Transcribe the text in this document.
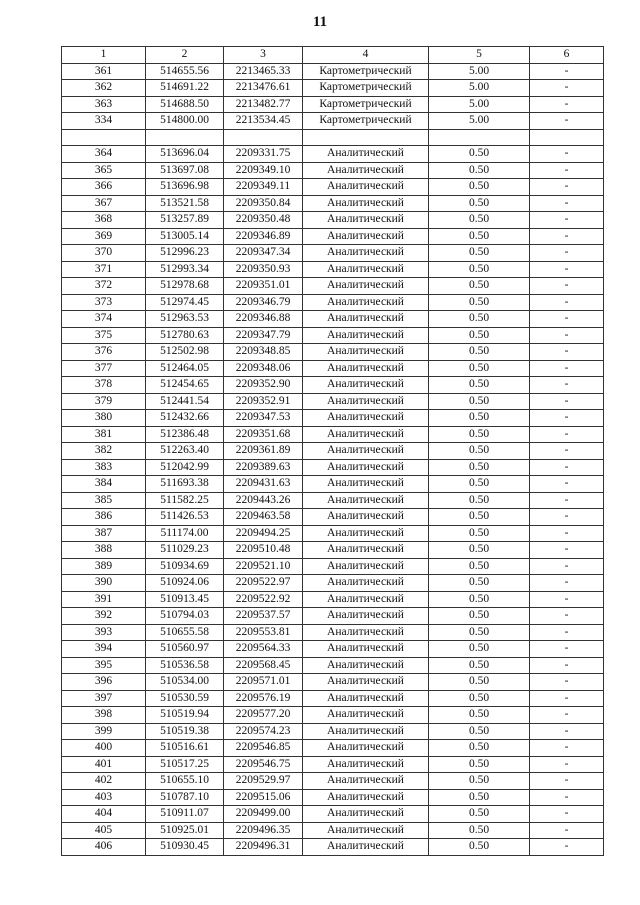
11
1	2	3	4	5	6
361	514655.56	2213465.33	Картометрический	5.00	-
362	514691.22	2213476.61	Картометрический	5.00	-
363	514688.50	2213482.77	Картометрический	5.00	-
334	514800.00	2213534.45	Картометрический	5.00	-

364	513696.04	2209331.75	Аналитический	0.50	-
365	513697.08	2209349.10	Аналитический	0.50	-
366	513696.98	2209349.11	Аналитический	0.50	-
367	513521.58	2209350.84	Аналитический	0.50	-
368	513257.89	2209350.48	Аналитический	0.50	-
369	513005.14	2209346.89	Аналитический	0.50	-
370	512996.23	2209347.34	Аналитический	0.50	-
371	512993.34	2209350.93	Аналитический	0.50	-
372	512978.68	2209351.01	Аналитический	0.50	-
373	512974.45	2209346.79	Аналитический	0.50	-
374	512963.53	2209346.88	Аналитический	0.50	-
375	512780.63	2209347.79	Аналитический	0.50	-
376	512502.98	2209348.85	Аналитический	0.50	-
377	512464.05	2209348.06	Аналитический	0.50	-
378	512454.65	2209352.90	Аналитический	0.50	-
379	512441.54	2209352.91	Аналитический	0.50	-
380	512432.66	2209347.53	Аналитический	0.50	-
381	512386.48	2209351.68	Аналитический	0.50	-
382	512263.40	2209361.89	Аналитический	0.50	-
383	512042.99	2209389.63	Аналитический	0.50	-
384	511693.38	2209431.63	Аналитический	0.50	-
385	511582.25	2209443.26	Аналитический	0.50	-
386	511426.53	2209463.58	Аналитический	0.50	-
387	511174.00	2209494.25	Аналитический	0.50	-
388	511029.23	2209510.48	Аналитический	0.50	-
389	510934.69	2209521.10	Аналитический	0.50	-
390	510924.06	2209522.97	Аналитический	0.50	-
391	510913.45	2209522.92	Аналитический	0.50	-
392	510794.03	2209537.57	Аналитический	0.50	-
393	510655.58	2209553.81	Аналитический	0.50	-
394	510560.97	2209564.33	Аналитический	0.50	-
395	510536.58	2209568.45	Аналитический	0.50	-
396	510534.00	2209571.01	Аналитический	0.50	-
397	510530.59	2209576.19	Аналитический	0.50	-
398	510519.94	2209577.20	Аналитический	0.50	-
399	510519.38	2209574.23	Аналитический	0.50	-
400	510516.61	2209546.85	Аналитический	0.50	-
401	510517.25	2209546.75	Аналитический	0.50	-
402	510655.10	2209529.97	Аналитический	0.50	-
403	510787.10	2209515.06	Аналитический	0.50	-
404	510911.07	2209499.00	Аналитический	0.50	-
405	510925.01	2209496.35	Аналитический	0.50	-
406	510930.45	2209496.31	Аналитический	0.50	-
